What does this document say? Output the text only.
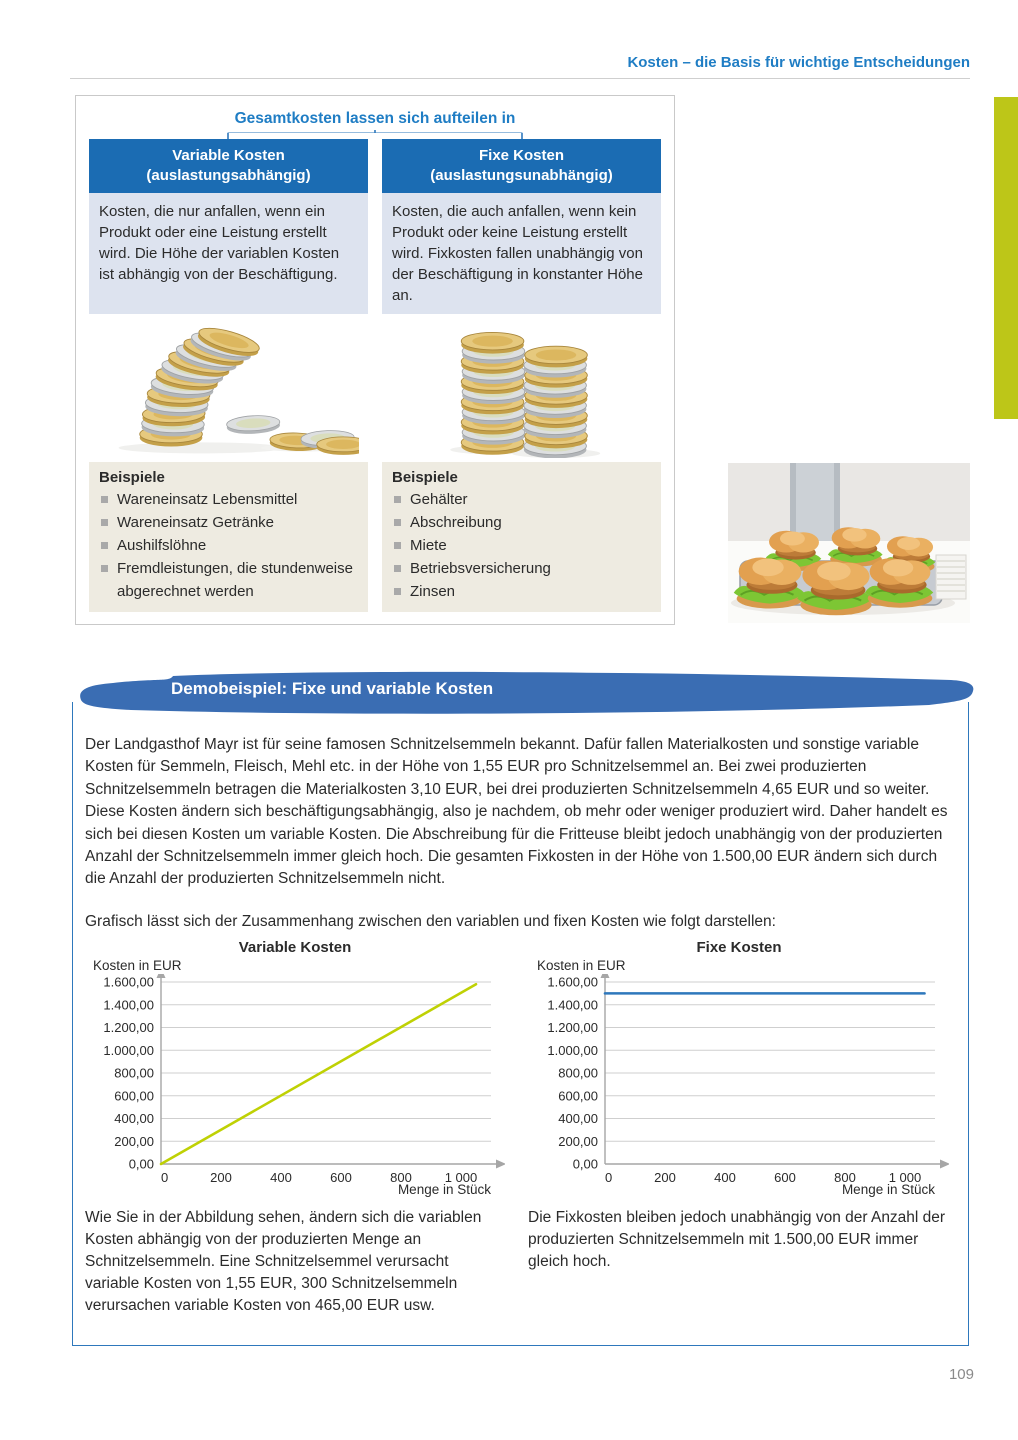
Kosten – die Basis für wichtige Entscheidungen
Gesamtkosten lassen sich aufteilen in
Variable Kosten
(auslastungsabhängig)
Fixe Kosten
(auslastungsunabhängig)
Kosten, die nur anfallen, wenn ein Produkt oder eine Leistung erstellt wird. Die Höhe der variablen Kosten ist abhängig von der Beschäftigung.
Kosten, die auch anfallen, wenn kein Produkt oder keine Leistung erstellt wird. Fixkosten fallen unabhängig von der Beschäftigung in konstanter Höhe an.
Beispiele
Wareneinsatz Lebensmittel
Wareneinsatz Getränke
Aushilfslöhne
Fremdleistungen, die stundenweise abgerechnet werden
Beispiele
Gehälter
Abschreibung
Miete
Betriebsversicherung
Zinsen
Demobeispiel: Fixe und variable Kosten

Der Landgasthof Mayr ist für seine famosen Schnitzelsemmeln bekannt. Dafür fallen Materialkosten und sonstige variable Kosten für Semmeln, Fleisch, Mehl etc. in der Höhe von 1,55 EUR pro Schnitzelsemmel an. Bei zwei produzierten Schnitzelsemmeln betragen die Materialkosten 3,10 EUR, bei drei produzierten Schnitzelsemmeln 4,65 EUR und so weiter. Diese Kosten ändern sich beschäftigungsabhängig, also je nachdem, ob mehr oder weniger produziert wird. Daher handelt es sich bei diesen Kosten um variable Kosten. Die Abschreibung für die Fritteuse bleibt jedoch unabhängig von der produzierten Anzahl der Schnitzelsemmeln immer gleich hoch. Die gesamten Fixkosten in der Höhe von 1.500,00 EUR ändern sich durch die Anzahl der produzierten Schnitzelsemmeln nicht.

Grafisch lässt sich der Zusammenhang zwischen den variablen und fixen Kosten wie folgt darstellen:

Variable Kosten
Kosten in EUR
0,00
200,00
400,00
600,00
800,00
1.000,00
1.200,00
1.400,00
1.600,00
0	200	400	600	800	1 000
Menge in Stück
Fixe Kosten
Kosten in EUR
0,00
200,00
400,00
600,00
800,00
1.000,00
1.200,00
1.400,00
1.600,00
0	200	400	600	800	1 000
Menge in Stück
Wie Sie in der Abbildung sehen, ändern sich die variablen Kosten abhängig von der produzierten Menge an Schnitzelsemmeln. Eine Schnitzelsemmel verursacht variable Kosten von 1,55 EUR, 300 Schnitzelsemmeln verursachen variable Kosten von 465,00 EUR usw.
Die Fixkosten bleiben jedoch unabhängig von der Anzahl der produzierten Schnitzelsemmeln mit 1.500,00 EUR immer gleich hoch.
109
